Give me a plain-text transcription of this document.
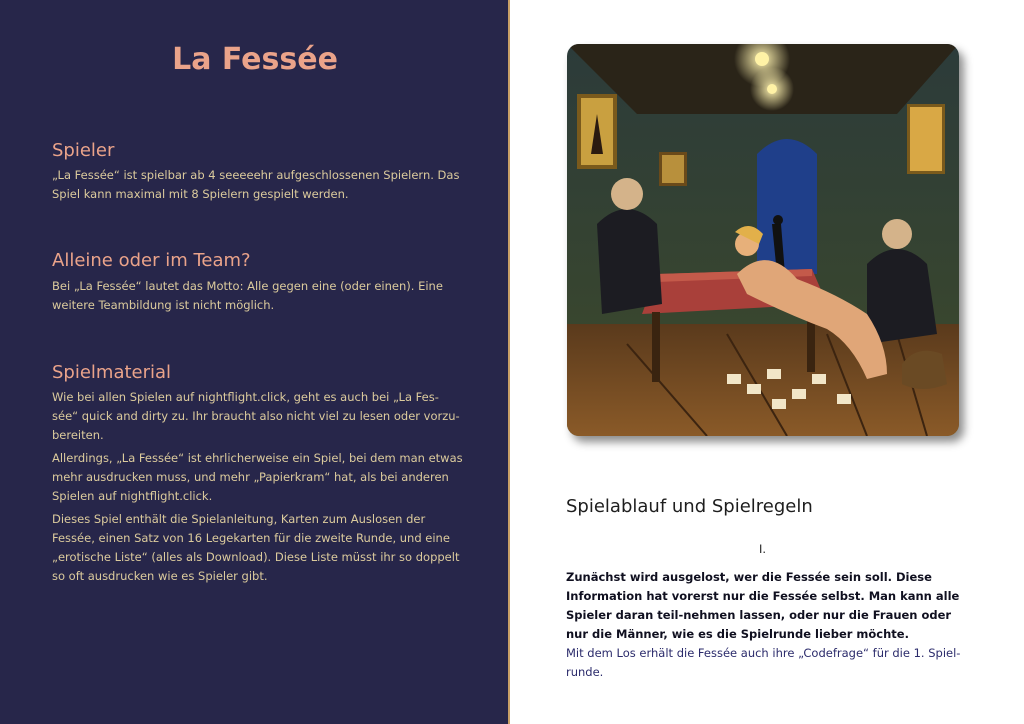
La Fessée
Spieler
„La Fessée“ ist spielbar ab 4 seeeeehr aufgeschlossenen Spielern. Das Spiel kann maximal mit 8 Spielern gespielt werden.
Alleine oder im Team?
Bei „La Fessée“ lautet das Motto: Alle gegen eine (oder einen). Eine weitere Teambildung ist nicht möglich.
Spielmaterial
Wie bei allen Spielen auf nightflight.click, geht es auch bei „La Fes-sée“ quick and dirty zu. Ihr braucht also nicht viel zu lesen oder vorzu-bereiten.
Allerdings, „La Fessée“ ist ehrlicherweise ein Spiel, bei dem man etwas mehr ausdrucken muss, und mehr „Papierkram“ hat, als bei anderen Spielen auf nightflight.click.
Dieses Spiel enthält die Spielanleitung, Karten zum Auslosen der Fessée, einen Satz von 16 Legekarten für die zweite Runde, und eine „erotische Liste“ (alles als Download). Diese Liste müsst ihr so doppelt so oft ausdrucken wie es Spieler gibt.
Spielablauf und Spielregeln
I.
Zunächst wird ausgelost, wer die Fessée sein soll. Diese Information hat vorerst nur die Fessée selbst. Man kann alle Spieler daran teil-nehmen lassen, oder nur die Frauen oder nur die Männer, wie es die Spielrunde lieber möchte.
Mit dem Los erhält die Fessée auch ihre „Codefrage“ für die 1. Spiel-runde.
